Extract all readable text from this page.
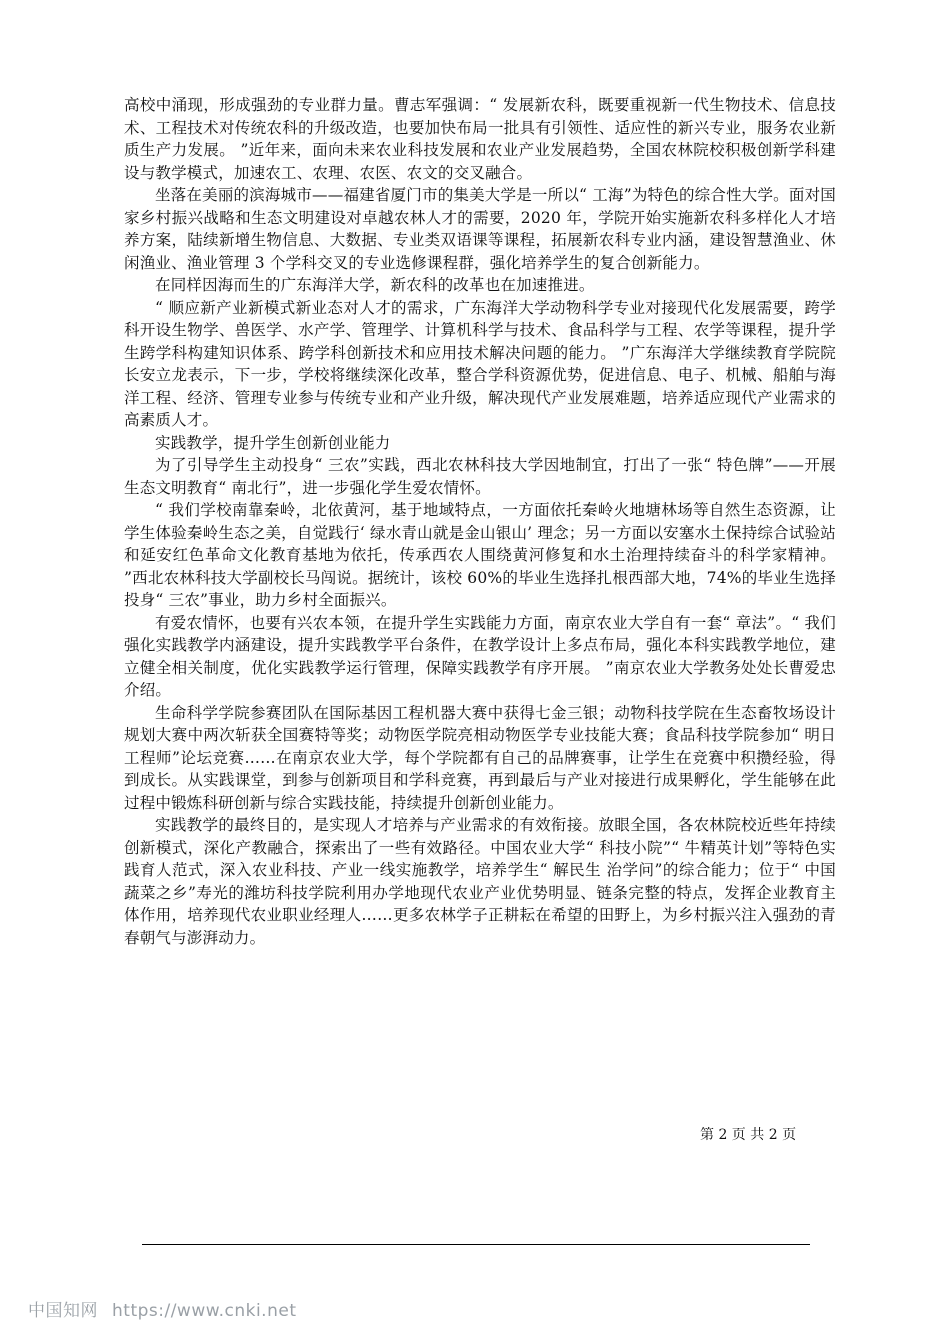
高校中涌现，形成强劲的专业群力量。曹志军强调：“ 发展新农科，既要重视新一代生物技术、信息技术、工程技术对传统农科的升级改造，也要加快布局一批具有引领性、适应性的新兴专业，服务农业新质生产力发展。 ”近年来，面向未来农业科技发展和农业产业发展趋势，全国农林院校积极创新学科建设与教学模式，加速农工、农理、农医、农文的交叉融合。

坐落在美丽的滨海城市——福建省厦门市的集美大学是一所以“ 工海”为特色的综合性大学。面对国家乡村振兴战略和生态文明建设对卓越农林人才的需要，2020 年，学院开始实施新农科多样化人才培养方案，陆续新增生物信息、大数据、专业类双语课等课程，拓展新农科专业内涵，建设智慧渔业、休闲渔业、渔业管理 3 个学科交叉的专业选修课程群，强化培养学生的复合创新能力。

在同样因海而生的广东海洋大学，新农科的改革也在加速推进。

“ 顺应新产业新模式新业态对人才的需求，广东海洋大学动物科学专业对接现代化发展需要，跨学科开设生物学、兽医学、水产学、管理学、计算机科学与技术、食品科学与工程、农学等课程，提升学生跨学科构建知识体系、跨学科创新技术和应用技术解决问题的能力。 ”广东海洋大学继续教育学院院长安立龙表示，下一步，学校将继续深化改革，整合学科资源优势，促进信息、电子、机械、船舶与海洋工程、经济、管理专业参与传统专业和产业升级，解决现代产业发展难题，培养适应现代产业需求的高素质人才。

实践教学，提升学生创新创业能力

为了引导学生主动投身“ 三农”实践，西北农林科技大学因地制宜，打出了一张“ 特色牌”——开展生态文明教育“ 南北行”，进一步强化学生爱农情怀。

“ 我们学校南靠秦岭，北依黄河，基于地域特点，一方面依托秦岭火地塘林场等自然生态资源，让学生体验秦岭生态之美，自觉践行‘ 绿水青山就是金山银山’ 理念；另一方面以安塞水土保持综合试验站和延安红色革命文化教育基地为依托，传承西农人围绕黄河修复和水土治理持续奋斗的科学家精神。 ”西北农林科技大学副校长马闯说。据统计，该校 60%的毕业生选择扎根西部大地，74%的毕业生选择投身“ 三农”事业，助力乡村全面振兴。

有爱农情怀，也要有兴农本领，在提升学生实践能力方面，南京农业大学自有一套“ 章法”。“ 我们强化实践教学内涵建设，提升实践教学平台条件，在教学设计上多点布局，强化本科实践教学地位，建立健全相关制度，优化实践教学运行管理，保障实践教学有序开展。 ”南京农业大学教务处处长曹爱忠介绍。

生命科学学院参赛团队在国际基因工程机器大赛中获得七金三银；动物科技学院在生态畜牧场设计规划大赛中两次斩获全国赛特等奖；动物医学院亮相动物医学专业技能大赛；食品科技学院参加“ 明日工程师”论坛竞赛……在南京农业大学，每个学院都有自己的品牌赛事，让学生在竞赛中积攒经验，得到成长。从实践课堂，到参与创新项目和学科竞赛，再到最后与产业对接进行成果孵化，学生能够在此过程中锻炼科研创新与综合实践技能，持续提升创新创业能力。

实践教学的最终目的，是实现人才培养与产业需求的有效衔接。放眼全国，各农林院校近些年持续创新模式，深化产教融合，探索出了一些有效路径。中国农业大学“ 科技小院”“ 牛精英计划”等特色实践育人范式，深入农业科技、产业一线实施教学，培养学生“ 解民生 治学问”的综合能力；位于“ 中国蔬菜之乡”寿光的潍坊科技学院利用办学地现代农业产业优势明显、链条完整的特点，发挥企业教育主体作用，培养现代农业职业经理人……更多农林学子正耕耘在希望的田野上，为乡村振兴注入强劲的青春朝气与澎湃动力。

第 2 页 共 2 页
中国知网 https://www.cnki.net
